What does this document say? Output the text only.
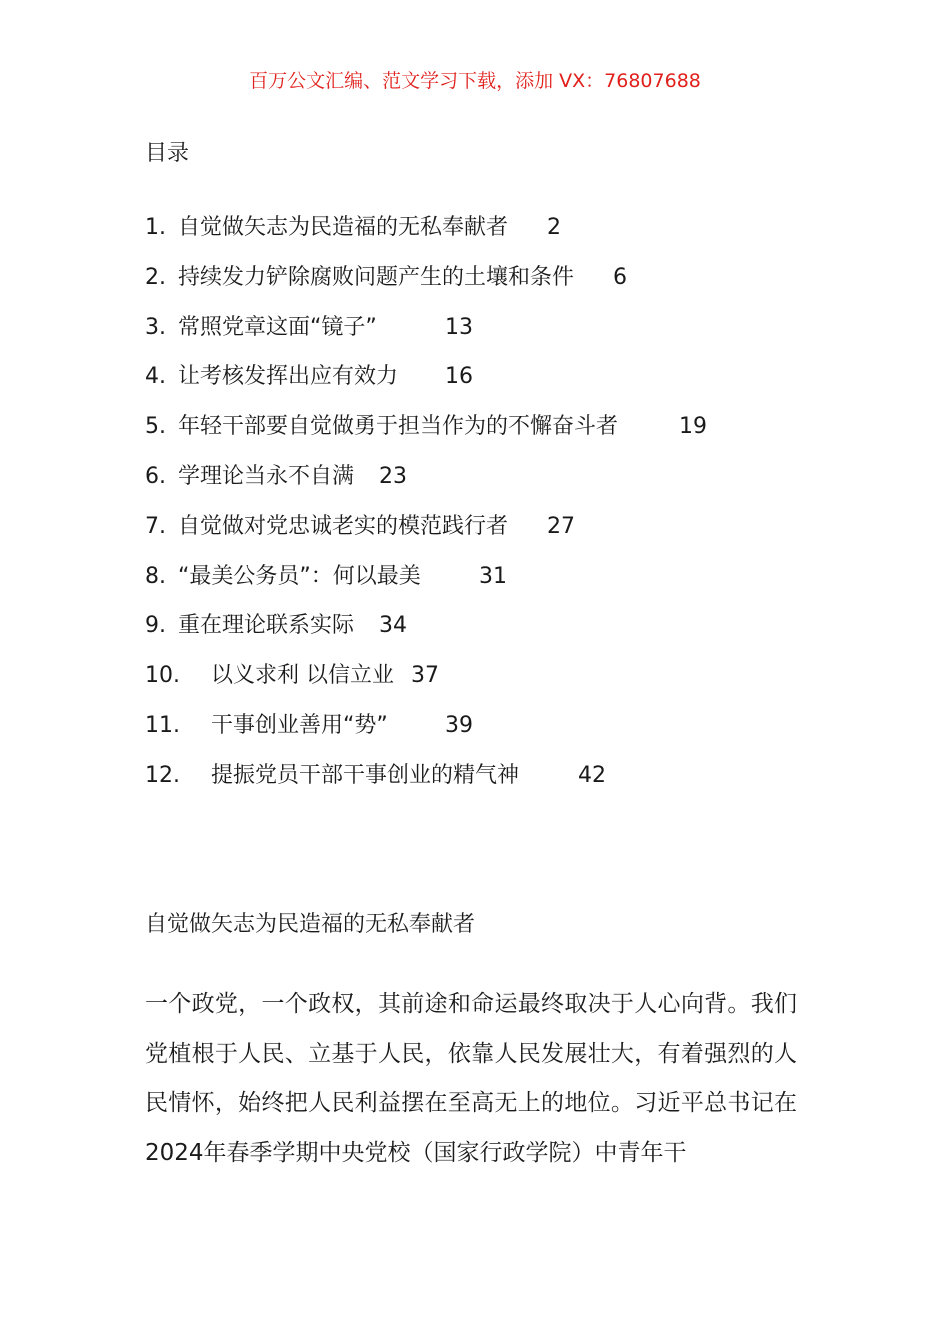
百万公文汇编、范文学习下载，添加 VX：76807688
目录
1. 自觉做矢志为民造福的无私奉献者 2
2. 持续发力铲除腐败问题产生的土壤和条件 6
3. 常照党章这面“镜子”	13
4. 让考核发挥出应有效力 16
5. 年轻干部要自觉做勇于担当作为的不懈奋斗者	19
6. 学理论当永不自满 23
7. 自觉做对党忠诚老实的模范践行者 27
8. “最美公务员”：何以最美	31
9. 重在理论联系实际 34
10. 以义求利 以信立业 37
11. 干事创业善用“势”	39
12. 提振党员干部干事创业的精气神	42
自觉做矢志为民造福的无私奉献者

一个政党，一个政权，其前途和命运最终取决于人心向背。我们党植根于人民、立基于人民，依靠人民发展壮大，有着强烈的人民情怀，始终把人民利益摆在至高无上的地位。习近平总书记在2024年春季学期中央党校（国家行政学院）中青年干
